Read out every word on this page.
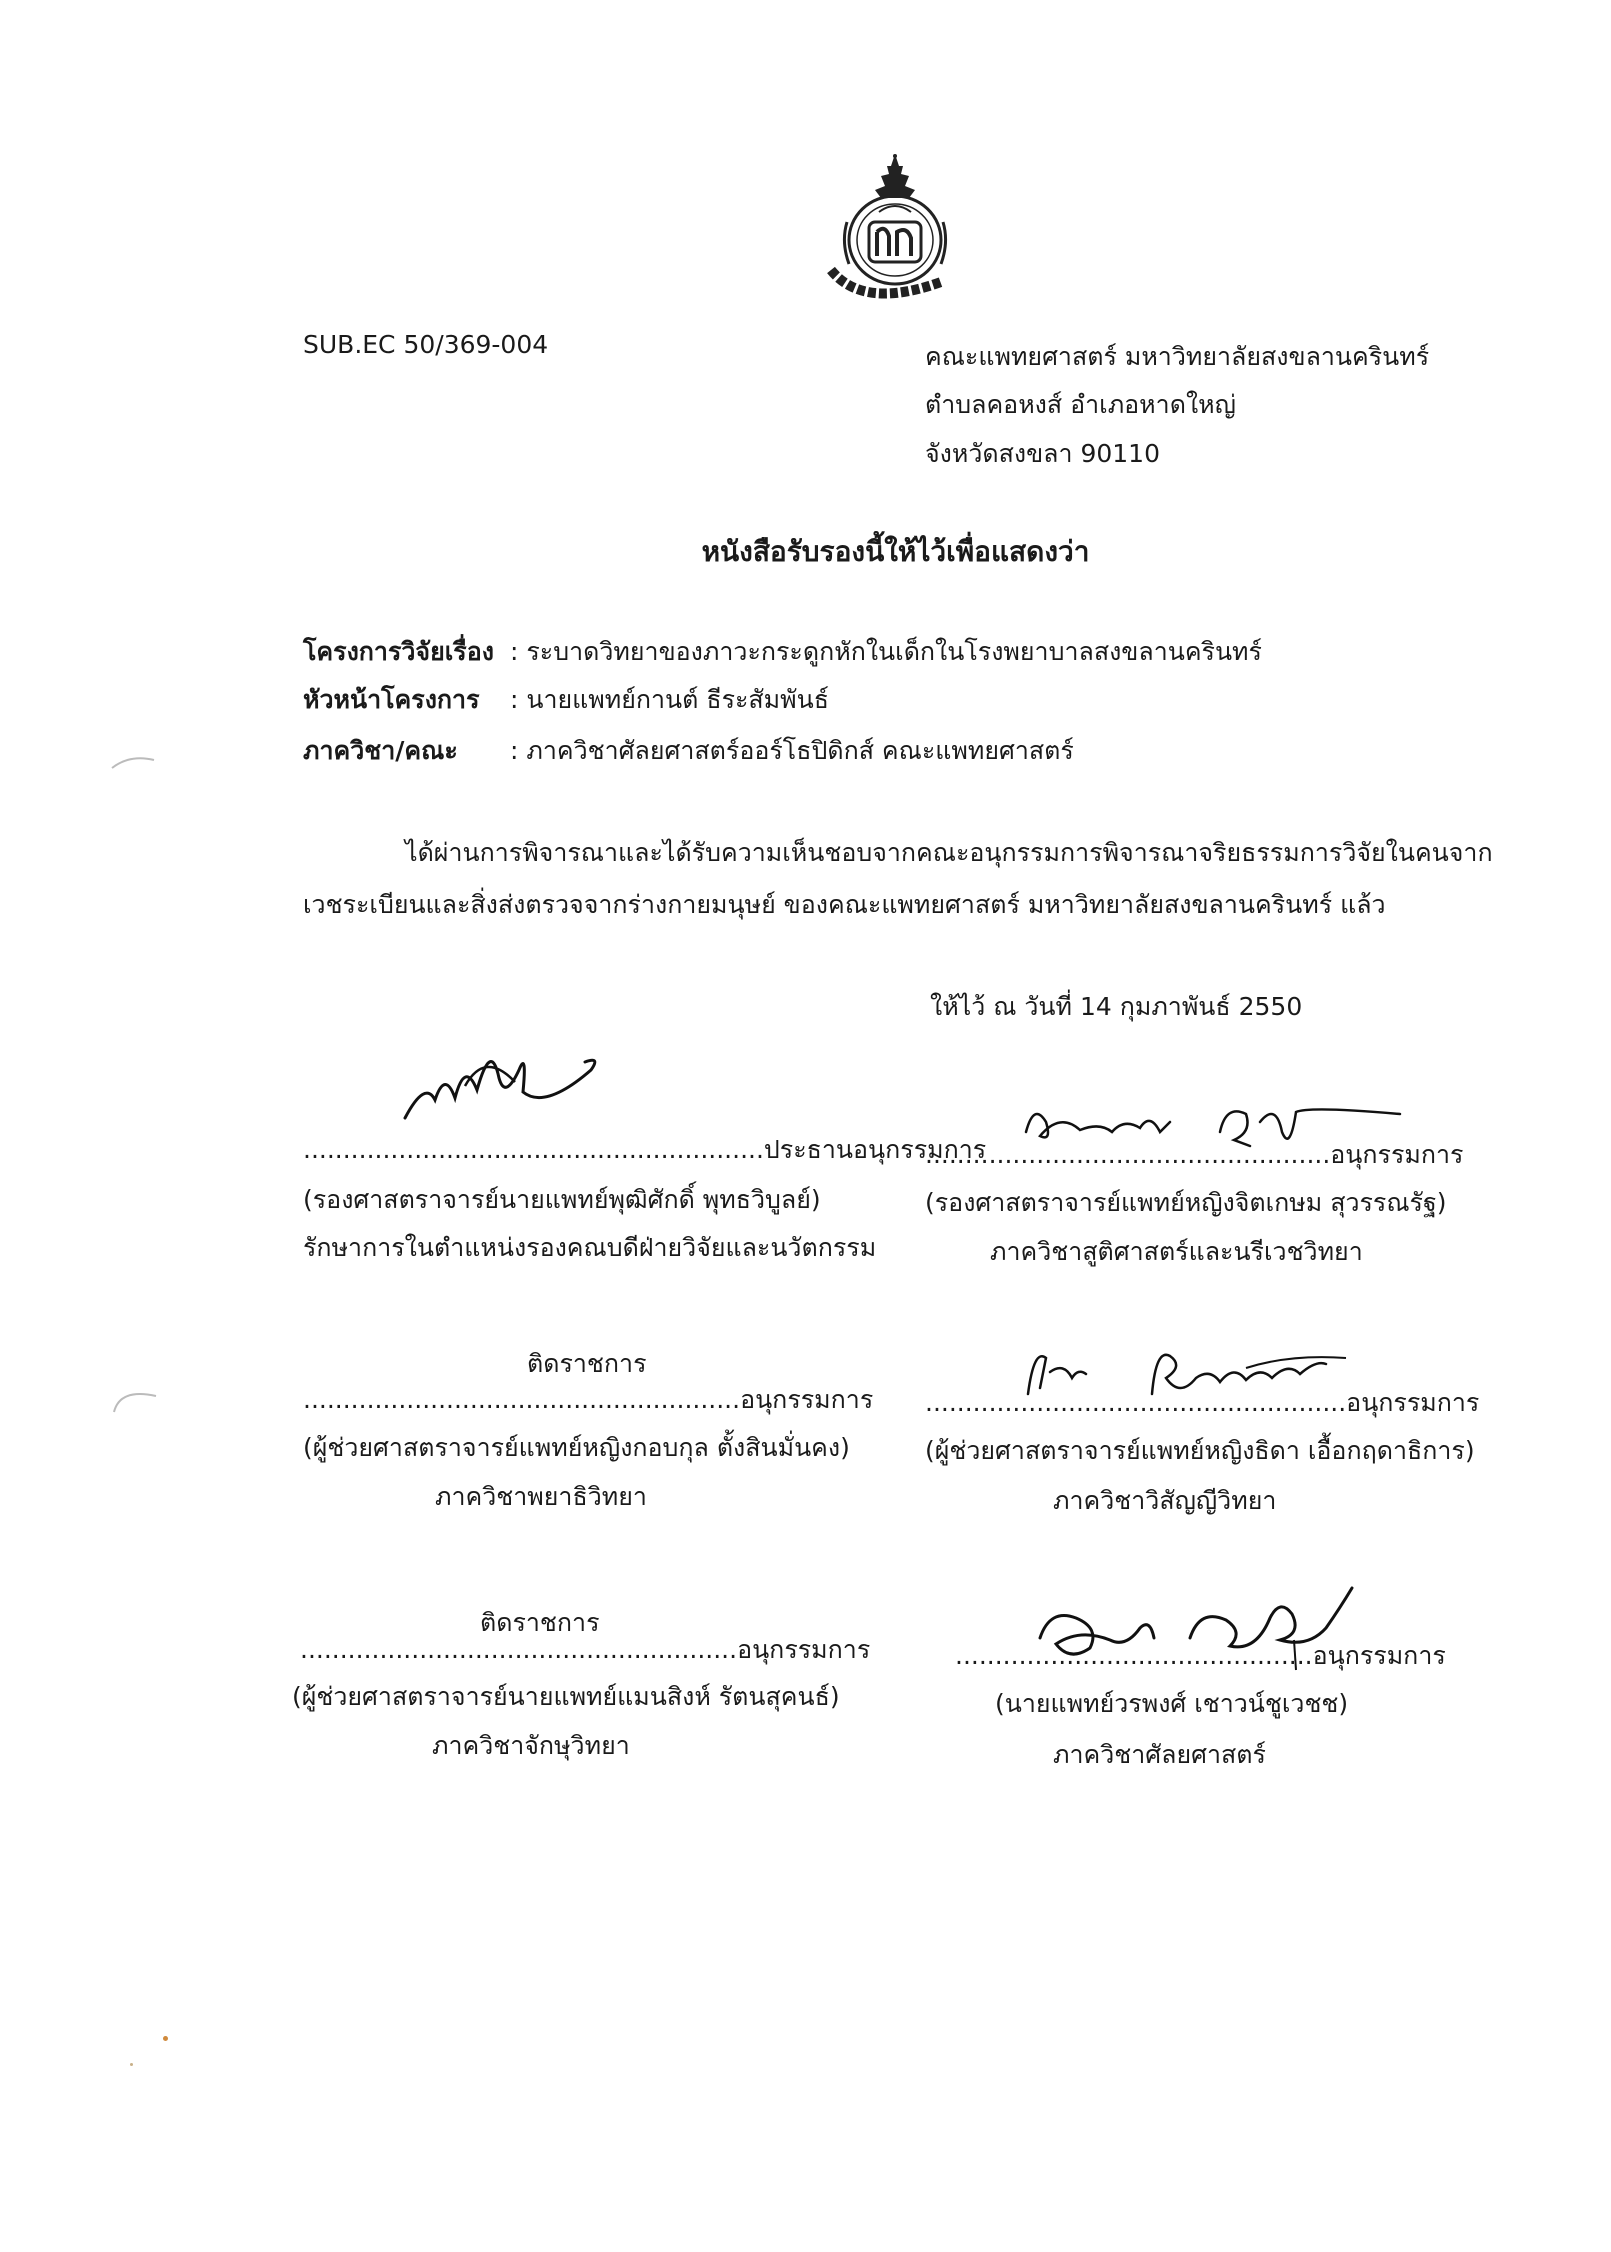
SUB.EC 50/369-004	คณะแพทยศาสตร์ มหาวิทยาลัยสงขลานครินทร์
ตำบลคอหงส์ อำเภอหาดใหญ่
จังหวัดสงขลา 90110
หนังสือรับรองนี้ให้ไว้เพื่อแสดงว่า
โครงการวิจัยเรื่อง : ระบาดวิทยาของภาวะกระดูกหักในเด็กในโรงพยาบาลสงขลานครินทร์
หัวหน้าโครงการ : นายแพทย์กานต์ ธีระสัมพันธ์
ภาควิชา/คณะ : ภาควิชาศัลยศาสตร์ออร์โธปิดิกส์ คณะแพทยศาสตร์
ได้ผ่านการพิจารณาและได้รับความเห็นชอบจากคณะอนุกรรมการพิจารณาจริยธรรมการวิจัยในคนจาก
เวชระเบียนและสิ่งส่งตรวจจากร่างกายมนุษย์ ของคณะแพทยศาสตร์ มหาวิทยาลัยสงขลานครินทร์ แล้ว
ให้ไว้ ณ วันที่ 14 กุมภาพันธ์ 2550
..........................................................ประธานอนุกรรมการ
(รองศาสตราจารย์นายแพทย์พุฒิศักดิ์ พุทธวิบูลย์)
รักษาการในตำแหน่งรองคณบดีฝ่ายวิจัยและนวัตกรรม
...................................................อนุกรรมการ
(รองศาสตราจารย์แพทย์หญิงจิตเกษม สุวรรณรัฐ)
ภาควิชาสูติศาสตร์และนรีเวชวิทยา
ติดราชการ
.......................................................อนุกรรมการ
(ผู้ช่วยศาสตราจารย์แพทย์หญิงกอบกุล ตั้งสินมั่นคง)
ภาควิชาพยาธิวิทยา
.....................................................อนุกรรมการ
(ผู้ช่วยศาสตราจารย์แพทย์หญิงธิดา เอื้อกฤดาธิการ)
ภาควิชาวิสัญญีวิทยา
ติดราชการ
.......................................................อนุกรรมการ
(ผู้ช่วยศาสตราจารย์นายแพทย์แมนสิงห์ รัตนสุคนธ์)
ภาควิชาจักษุวิทยา
.............................................อนุกรรมการ
(นายแพทย์วรพงศ์ เชาวน์ชูเวชช)
ภาควิชาศัลยศาสตร์
